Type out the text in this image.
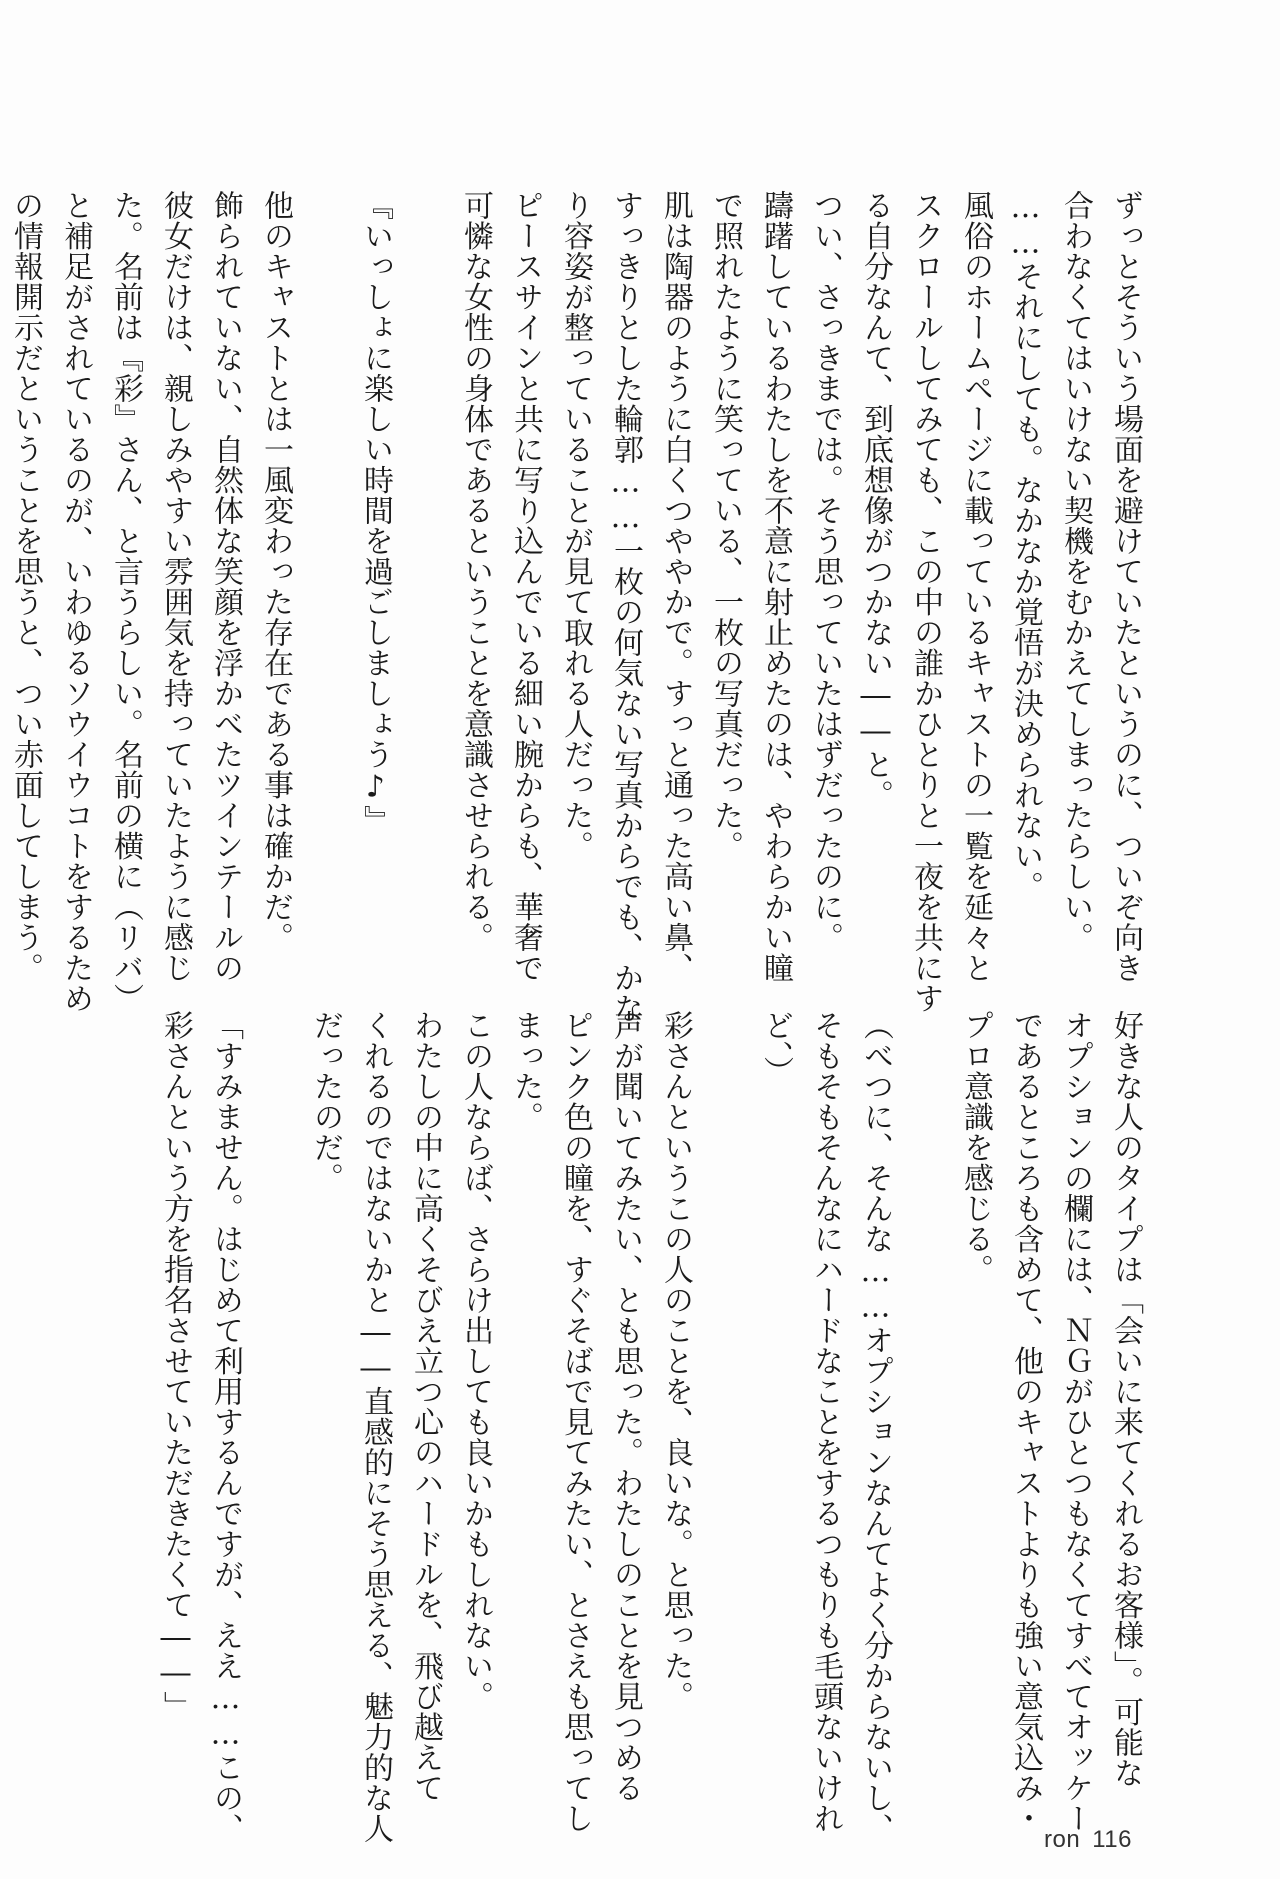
ずっとそういう場面を避けていたというのに、ついぞ向き
合わなくてはいけない契機をむかえてしまったらしい。
……それにしても。なかなか覚悟が決められない。
風俗のホームページに載っているキャストの一覧を延々と
スクロールしてみても、この中の誰かひとりと一夜を共にす
る自分なんて、到底想像がつかない――と。
つい、さっきまでは。そう思っていたはずだったのに。
躊躇しているわたしを不意に射止めたのは、やわらかい瞳
で照れたように笑っている、一枚の写真だった。
肌は陶器のように白くつややかで。すっと通った高い鼻、
すっきりとした輪郭……一枚の何気ない写真からでも、かな
り容姿が整っていることが見て取れる人だった。
ピースサインと共に写り込んでいる細い腕からも、華奢で
可憐な女性の身体であるということを意識させられる。
『いっしょに楽しい時間を過ごしましょう♪』
他のキャストとは一風変わった存在である事は確かだ。
飾られていない、自然体な笑顔を浮かべたツインテールの
彼女だけは、親しみやすい雰囲気を持っていたように感じ
た。名前は『彩』さん、と言うらしい。名前の横に（リバ）
と補足がされているのが、いわゆるソウイウコトをするため
の情報開示だということを思うと、つい赤面してしまう。
好きな人のタイプは「会いに来てくれるお客様」。可能な
オプションの欄には、ＮＧがひとつもなくてすべてオッケー
であるところも含めて、他のキャストよりも強い意気込み・
プロ意識を感じる。
（べつに、そんな……オプションなんてよく分からないし、
そもそもそんなにハードなことをするつもりも毛頭ないけれ
ど、）
彩さんというこの人のことを、良いな。と思った。
声が聞いてみたい、とも思った。わたしのことを見つめる
ピンク色の瞳を、すぐそばで見てみたい、とさえも思ってし
まった。
この人ならば、さらけ出しても良いかもしれない。
わたしの中に高くそびえ立つ心のハードルを、飛び越えて
くれるのではないかと――直感的にそう思える、魅力的な人
だったのだ。
「すみません。はじめて利用するんですが、ええ……この、
彩さんという方を指名させていただきたくて――」
ron 116
